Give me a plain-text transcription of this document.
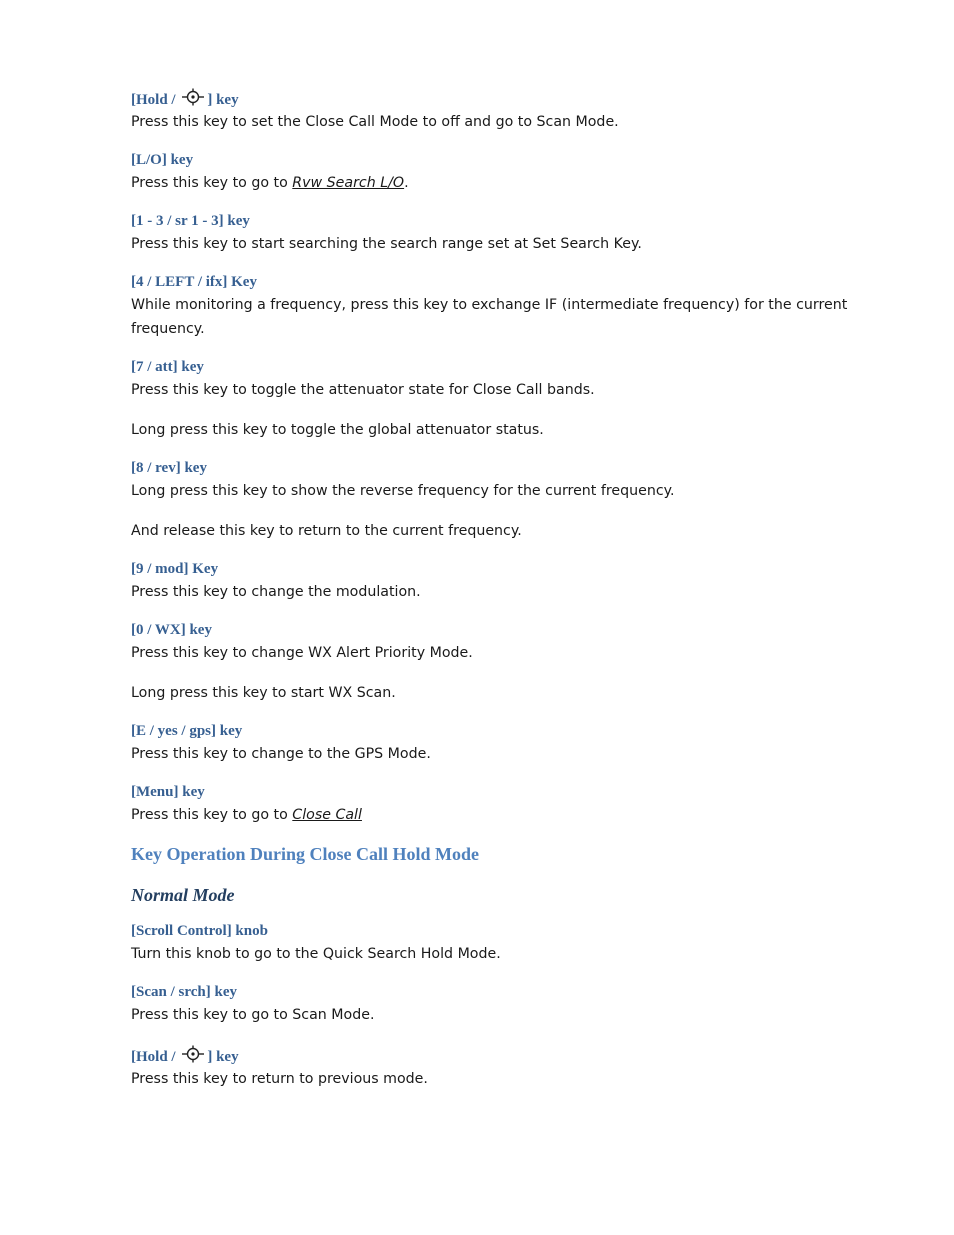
[Hold / ] key

Press this key to set the Close Call Mode to off and go to Scan Mode.

[L/O] key

Press this key to go to Rvw Search L/O.

[1 - 3 / sr 1 - 3] key

Press this key to start searching the search range set at Set Search Key.

[4 / LEFT / ifx] Key

While monitoring a frequency, press this key to exchange IF (intermediate frequency) for the current frequency.

[7 / att] key

Press this key to toggle the attenuator state for Close Call bands.

Long press this key to toggle the global attenuator status.

[8 / rev] key

Long press this key to show the reverse frequency for the current frequency.

And release this key to return to the current frequency.

[9 / mod] Key

Press this key to change the modulation.

[0 / WX] key

Press this key to change WX Alert Priority Mode.

Long press this key to start WX Scan.

[E / yes / gps] key

Press this key to change to the GPS Mode.

[Menu] key

Press this key to go to Close Call

Key Operation During Close Call Hold Mode

Normal Mode

[Scroll Control] knob

Turn this knob to go to the Quick Search Hold Mode.

[Scan / srch] key

Press this key to go to Scan Mode.

[Hold / ] key

Press this key to return to previous mode.
